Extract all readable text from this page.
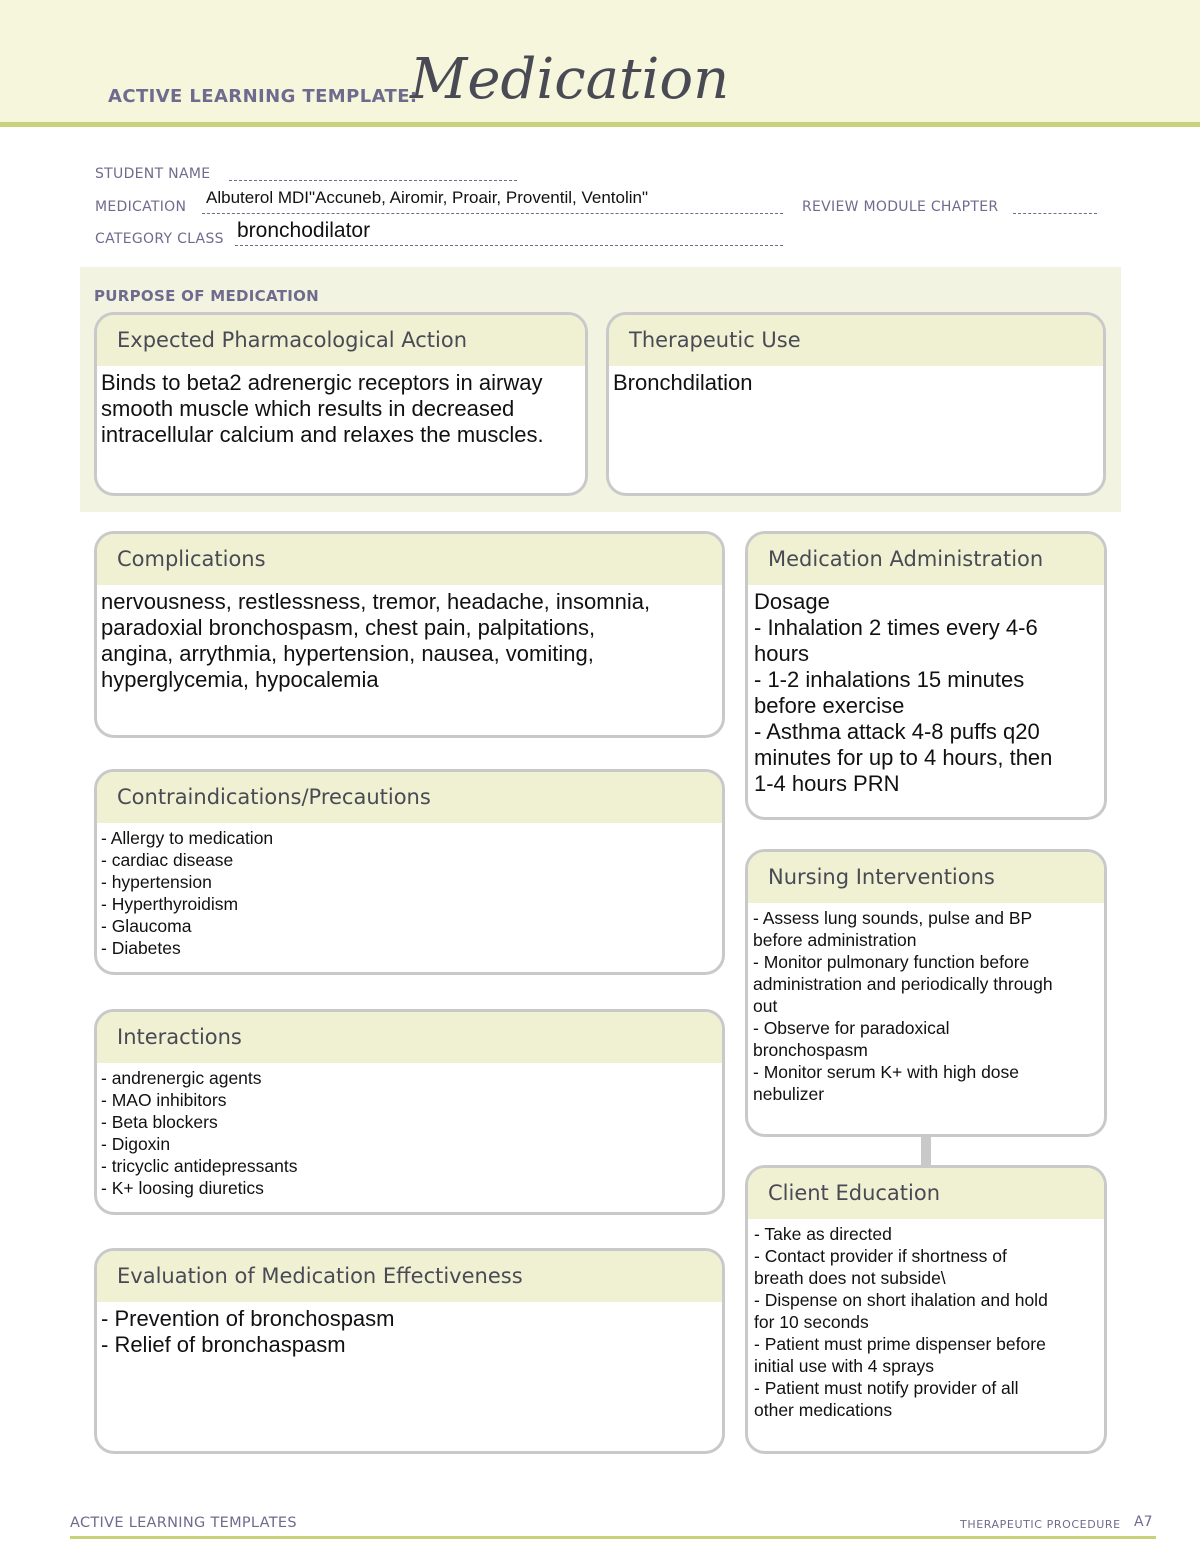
ACTIVE LEARNING TEMPLATE:
Medication
STUDENT NAME
MEDICATION Albuterol MDI"Accuneb, Airomir, Proair, Proventil, Ventolin"	REVIEW MODULE CHAPTER
CATEGORY CLASS bronchodilator
PURPOSE OF MEDICATION
Expected Pharmacological Action
Binds to beta2 adrenergic receptors in airway
smooth muscle which results in decreased
intracellular calcium and relaxes the muscles.
Therapeutic Use
Bronchdilation
Complications
nervousness, restlessness, tremor, headache, insomnia,
paradoxial bronchospasm, chest pain, palpitations,
angina, arrythmia, hypertension, nausea, vomiting,
hyperglycemia, hypocalemia
Contraindications/Precautions
- Allergy to medication
- cardiac disease
- hypertension
- Hyperthyroidism
- Glaucoma
- Diabetes
Interactions
- andrenergic agents
- MAO inhibitors
- Beta blockers
- Digoxin
- tricyclic antidepressants
- K+ loosing diuretics
Evaluation of Medication Effectiveness
- Prevention of bronchospasm
- Relief of bronchaspasm
Medication Administration
Dosage
- Inhalation 2 times every 4-6
hours
- 1-2 inhalations 15 minutes
before exercise
- Asthma attack 4-8 puffs q20
minutes for up to 4 hours, then
1-4 hours PRN
Nursing Interventions
- Assess lung sounds, pulse and BP
before administration
- Monitor pulmonary function before
administration and periodically through
out
- Observe for paradoxical
bronchospasm
- Monitor serum K+ with high dose
nebulizer
Client Education
- Take as directed
- Contact provider if shortness of
breath does not subside\
- Dispense on short ihalation and hold
for 10 seconds
- Patient must prime dispenser before
initial use with 4 sprays
- Patient must notify provider of all
other medications
ACTIVE LEARNING TEMPLATES	THERAPEUTIC PROCEDURE A7
